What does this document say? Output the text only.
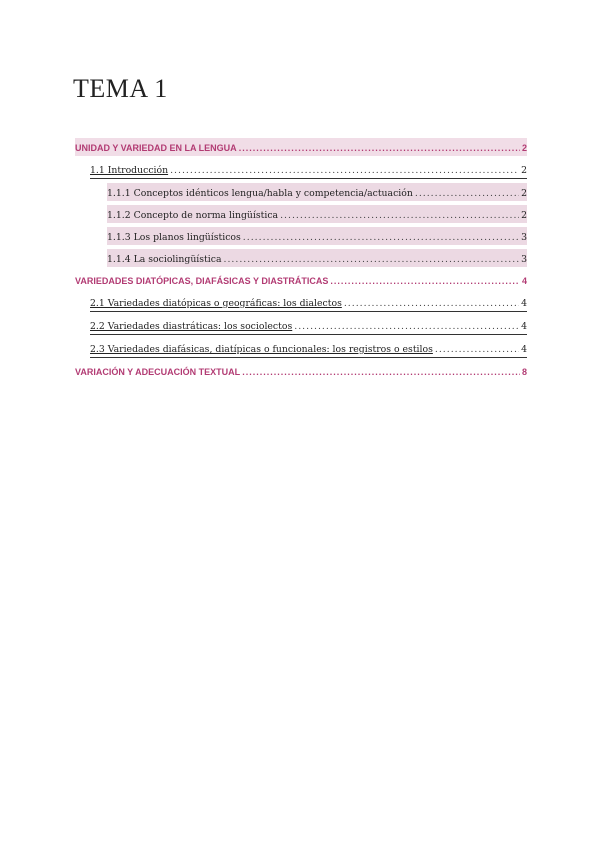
TEMA 1
UNIDAD Y VARIEDAD EN LA LENGUA .....	2
1.1 Introducción .....	2
1.1.1 Conceptos idénticos lengua/habla y competencia/actuación .....	2
1.1.2 Concepto de norma lingüística .....	2
1.1.3 Los planos lingüísticos .....	3
1.1.4 La sociolingüística .....	3
VARIEDADES DIATÓPICAS, DIAFÁSICAS Y DIASTRÁTICAS .....	4
2.1 Variedades diatópicas o geográficas: los dialectos .....	4
2.2 Variedades diastráticas: los sociolectos .....	4
2.3 Variedades diafásicas, diatípicas o funcionales: los registros o estilos .....	4
VARIACIÓN Y ADECUACIÓN TEXTUAL .....	8
